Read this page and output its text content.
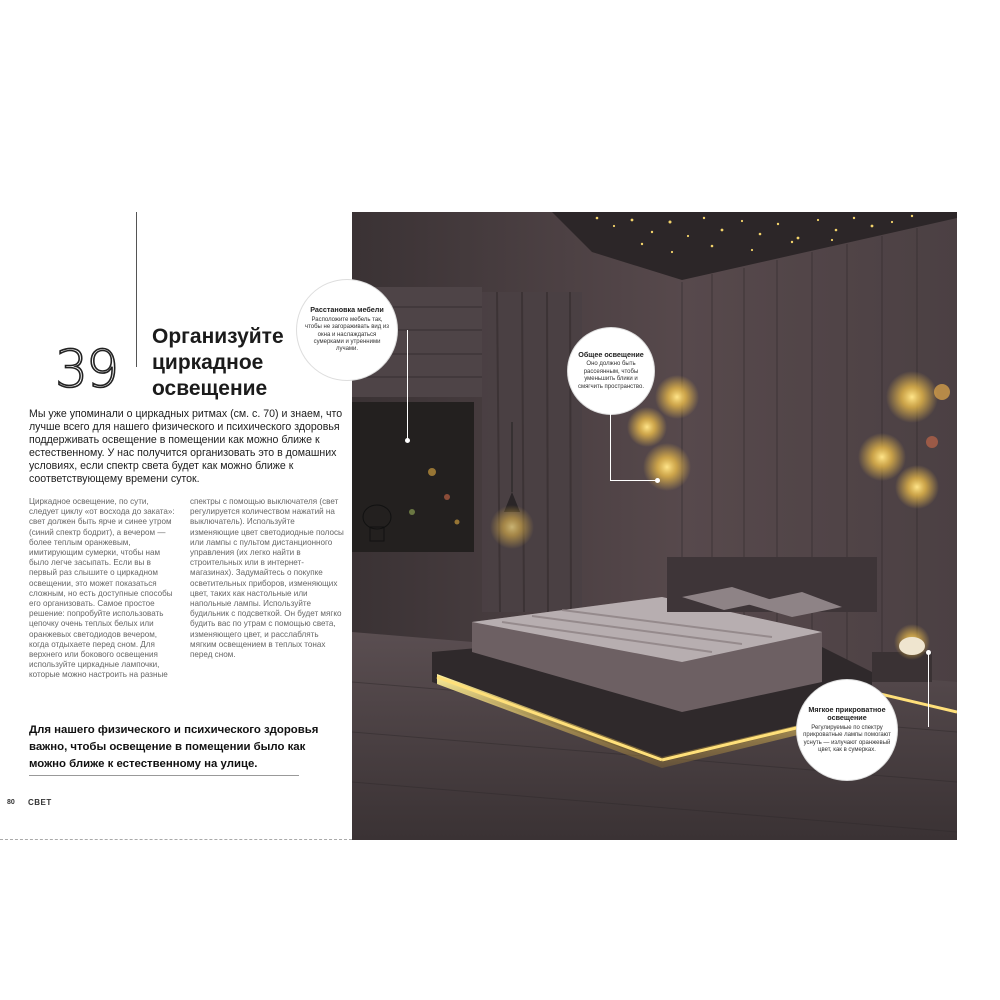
39
Организуйте
циркадное
освещение
Мы уже упоминали о циркадных ритмах (см. с. 70) и знаем, что лучше всего для нашего физического и психического здоровья поддерживать освещение в помещении как можно ближе к естественному. У нас получится организовать это в домашних условиях, если спектр света будет как можно ближе к соответствующему времени суток.
Циркадное освещение, по сути, следует циклу «от восхода до заката»: свет должен быть ярче и синее утром (синий спектр бодрит), а вечером — более теплым оранжевым, имитирующим сумерки, чтобы нам было легче засыпать. Если вы в первый раз слышите о циркадном освещении, это может показаться сложным, но есть доступные способы его организовать. Самое простое решение: попробуйте использовать цепочку очень теплых белых или оранжевых светодиодов вечером, когда отдыхаете перед сном. Для верхнего или бокового освещения используйте циркадные лампочки, которые можно настроить на разные
спектры с помощью выключателя (свет регулируется количеством нажатий на выключатель). Используйте изменяющие цвет светодиодные полосы или лампы с пультом дистанционного управления (их легко найти в строительных или в интернет-магазинах). Задумайтесь о покупке осветительных приборов, изменяющих цвет, таких как настольные или напольные лампы. Используйте будильник с подсветкой. Он будет мягко будить вас по утрам с помощью света, изменяющего цвет, и расслаблять мягким освещением в теплых тонах перед сном.
Для нашего физического и психического здоровья важно, чтобы освещение в помещении было как можно ближе к естественному на улице.
80 СВЕТ
Расстановка мебели
Расположите мебель так, чтобы не загораживать вид из окна и наслаждаться сумерками и утренними лучами.
Общее освещение
Оно должно быть рассеянным, чтобы уменьшить блики и смягчить пространство.
Мягкое прикроватное освещение
Регулируемые по спектру прикроватные лампы помогают уснуть — излучают оранжевый цвет, как в сумерках.
